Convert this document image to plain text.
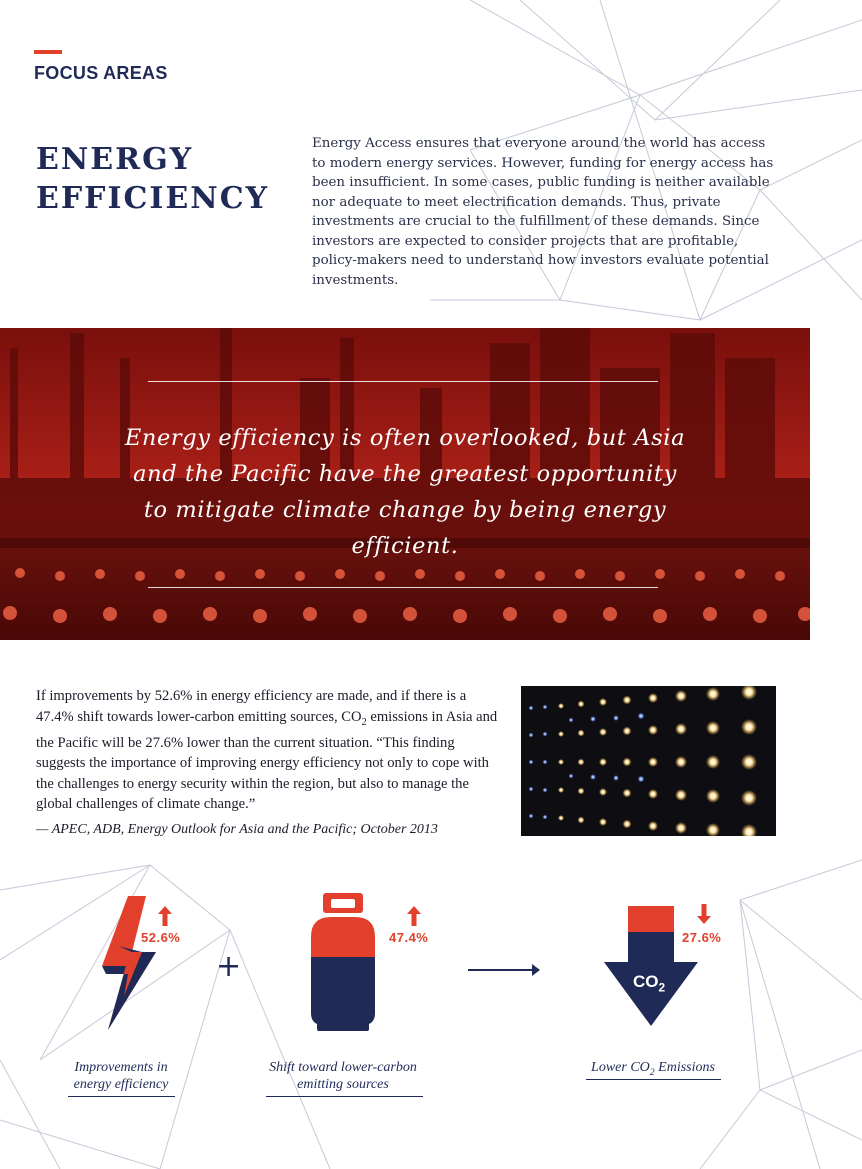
FOCUS AREAS
ENERGY
EFFICIENCY

Energy Access ensures that everyone around the world has access to modern energy services. However, funding for energy access has been insufficient. In some cases, public funding is neither available nor adequate to meet electrification demands. Thus, private investments are crucial to the fulfillment of these demands. Since investors are expected to consider projects that are profitable, policy-makers need to understand how investors evaluate potential investments.

Energy efficiency is often overlooked, but Asia and the Pacific have the greatest opportunity to mitigate climate change by being energy efficient.

If improvements by 52.6% in energy efficiency are made, and if there is a 47.4% shift towards lower-carbon emitting sources, $CO_2$ emissions in Asia and the Pacific will be 27.6% lower than the current situation. “This finding suggests the importance of improving energy efficiency not only to cope with the challenges to energy security within the region, but also to manage the global challenges of climate change.”

— APEC, ADB, Energy Outlook for Asia and the Pacific; October 2013

52.6%
+
47.4%
$CO_2$
27.6%
Improvements in
energy efficiency
Shift toward lower-carbon
emitting sources
Lower $CO_2$ Emissions
